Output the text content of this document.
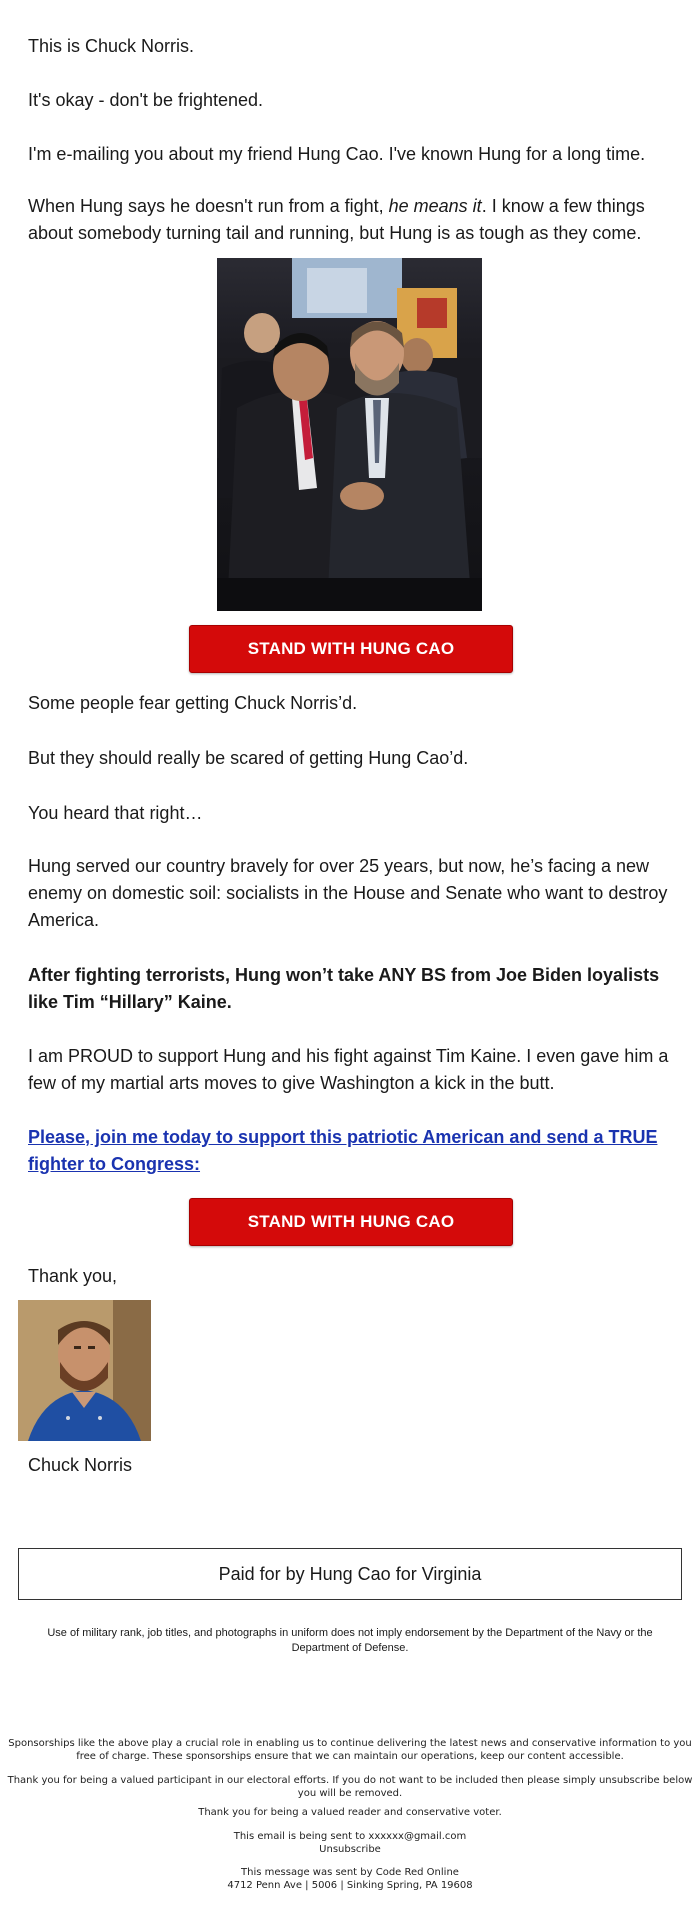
This is Chuck Norris.

It's okay - don't be frightened.

I'm e-mailing you about my friend Hung Cao. I've known Hung for a long time.

When Hung says he doesn't run from a fight, he means it. I know a few things about somebody turning tail and running, but Hung is as tough as they come.

STAND WITH HUNG CAO

Some people fear getting Chuck Norris’d.

But they should really be scared of getting Hung Cao’d.

You heard that right…

Hung served our country bravely for over 25 years, but now, he’s facing a new enemy on domestic soil: socialists in the House and Senate who want to destroy America.

After fighting terrorists, Hung won’t take ANY BS from Joe Biden loyalists like Tim “Hillary” Kaine.

I am PROUD to support Hung and his fight against Tim Kaine. I even gave him a few of my martial arts moves to give Washington a kick in the butt.

Please, join me today to support this patriotic American and send a TRUE fighter to Congress:

STAND WITH HUNG CAO

Thank you,

Chuck Norris

Paid for by Hung Cao for Virginia
Use of military rank, job titles, and photographs in uniform does not imply endorsement by the Department of the Navy or the Department of Defense.
Sponsorships like the above play a crucial role in enabling us to continue delivering the latest news and conservative information to you free of charge. These sponsorships ensure that we can maintain our operations, keep our content accessible.
Thank you for being a valued participant in our electoral efforts. If you do not want to be included then please simply unsubscribe below you will be removed.
Thank you for being a valued reader and conservative voter.
This email is being sent to xxxxxx@gmail.com
Unsubscribe
This message was sent by Code Red Online
4712 Penn Ave | 5006 | Sinking Spring, PA 19608
